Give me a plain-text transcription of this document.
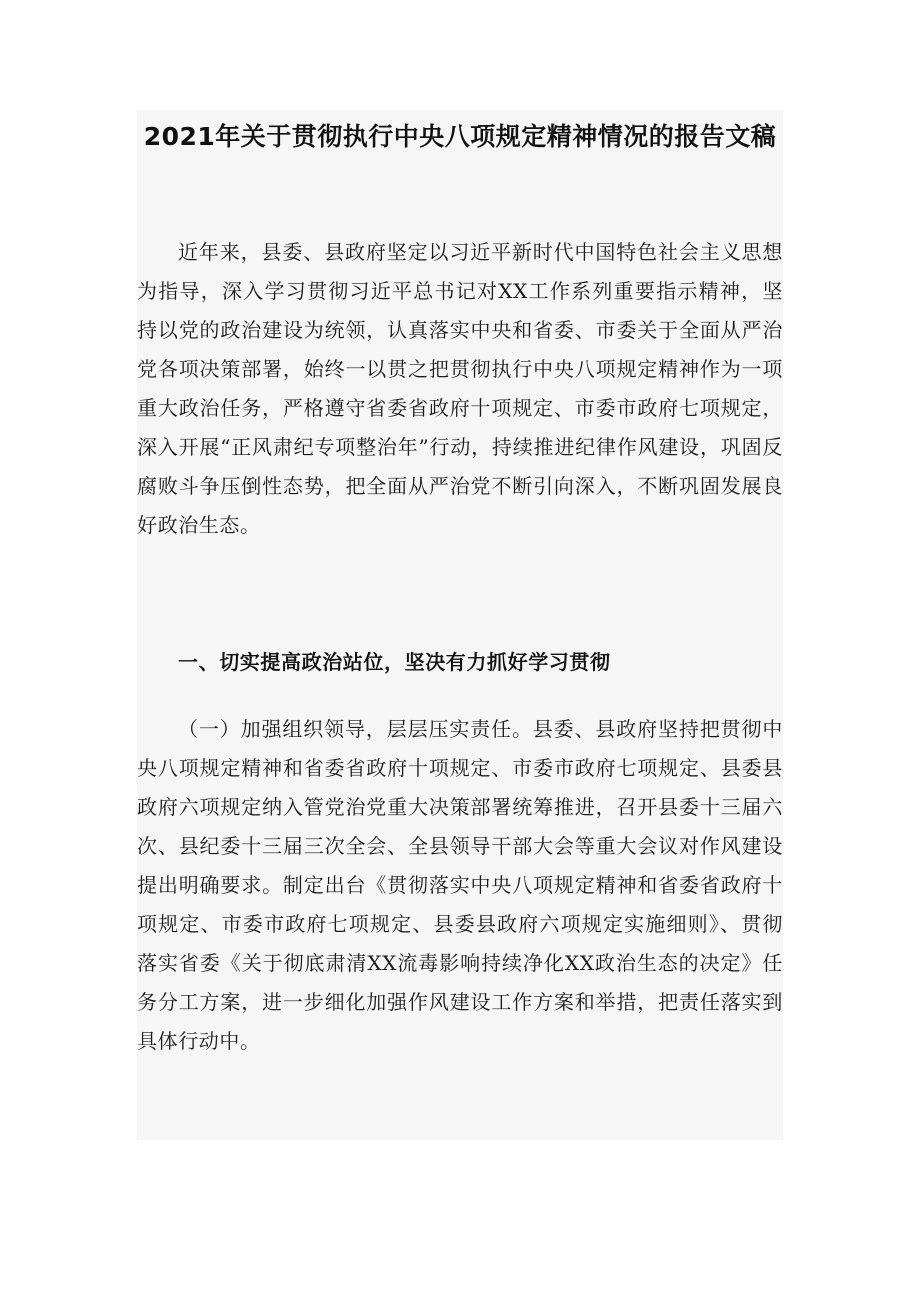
2021年关于贯彻执行中央八项规定精神情况的报告文稿

近年来，县委、县政府坚定以习近平新时代中国特色社会主义思想为指导，深入学习贯彻习近平总书记对XX工作系列重要指示精神，坚持以党的政治建设为统领，认真落实中央和省委、市委关于全面从严治党各项决策部署，始终一以贯之把贯彻执行中央八项规定精神作为一项重大政治任务，严格遵守省委省政府十项规定、市委市政府七项规定，深入开展“正风肃纪专项整治年”行动，持续推进纪律作风建设，巩固反腐败斗争压倒性态势，把全面从严治党不断引向深入，不断巩固发展良好政治生态。

一、切实提高政治站位，坚决有力抓好学习贯彻

（一）加强组织领导，层层压实责任。县委、县政府坚持把贯彻中央八项规定精神和省委省政府十项规定、市委市政府七项规定、县委县政府六项规定纳入管党治党重大决策部署统筹推进，召开县委十三届六次、县纪委十三届三次全会、全县领导干部大会等重大会议对作风建设提出明确要求。制定出台《贯彻落实中央八项规定精神和省委省政府十项规定、市委市政府七项规定、县委县政府六项规定实施细则》、贯彻落实省委《关于彻底肃清XX流毒影响持续净化XX政治生态的决定》任务分工方案，进一步细化加强作风建设工作方案和举措，把责任落实到具体行动中。
